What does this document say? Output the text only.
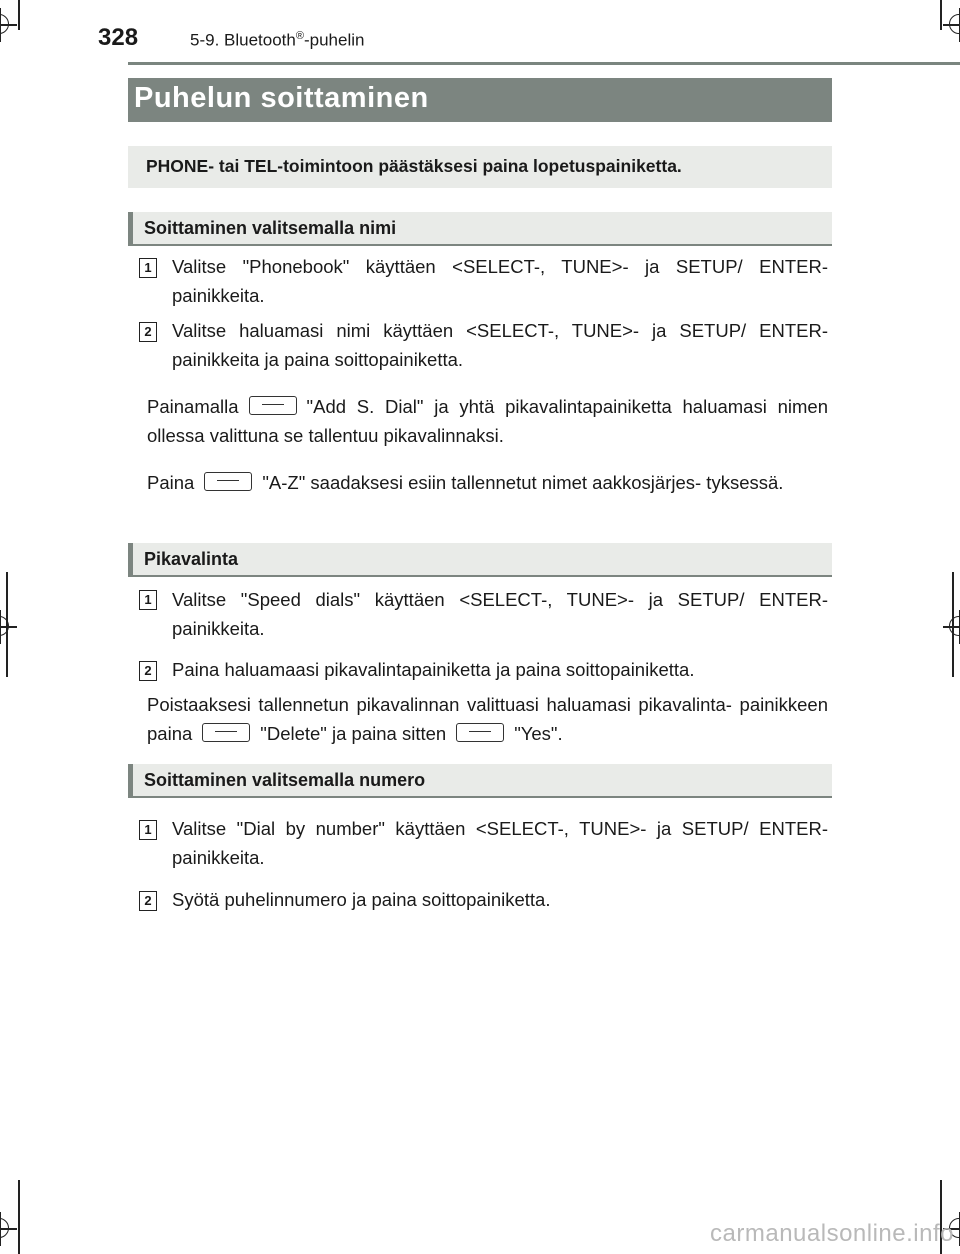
328	5-9. Bluetooth®-puhelin
Puhelun soittaminen
PHONE- tai TEL-toimintoon päästäksesi paina lopetuspainiketta.
Soittaminen valitsemalla nimi
1 Valitse "Phonebook" käyttäen <SELECT-, TUNE>- ja SETUP/ ENTER-painikkeita.
2 Valitse haluamasi nimi käyttäen <SELECT-, TUNE>- ja SETUP/ ENTER-painikkeita ja paina soittopainiketta.
Painamalla	"Add S. Dial" ja yhtä pikavalintapainiketta haluamasi nimen ollessa valittuna se tallentuu pikavalinnaksi.
Paina	"A-Z" saadaksesi esiin tallennetut nimet aakkosjärjes- tyksessä.
Pikavalinta
1 Valitse "Speed dials" käyttäen <SELECT-, TUNE>- ja SETUP/ ENTER-painikkeita.
2 Paina haluamaasi pikavalintapainiketta ja paina soittopainiketta.
Poistaaksesi tallennetun pikavalinnan valittuasi haluamasi pikavalinta- painikkeen paina	"Delete" ja paina sitten	"Yes".
Soittaminen valitsemalla numero
1 Valitse "Dial by number" käyttäen <SELECT-, TUNE>- ja SETUP/ ENTER-painikkeita.
2 Syötä puhelinnumero ja paina soittopainiketta.
carmanualsonline.info
